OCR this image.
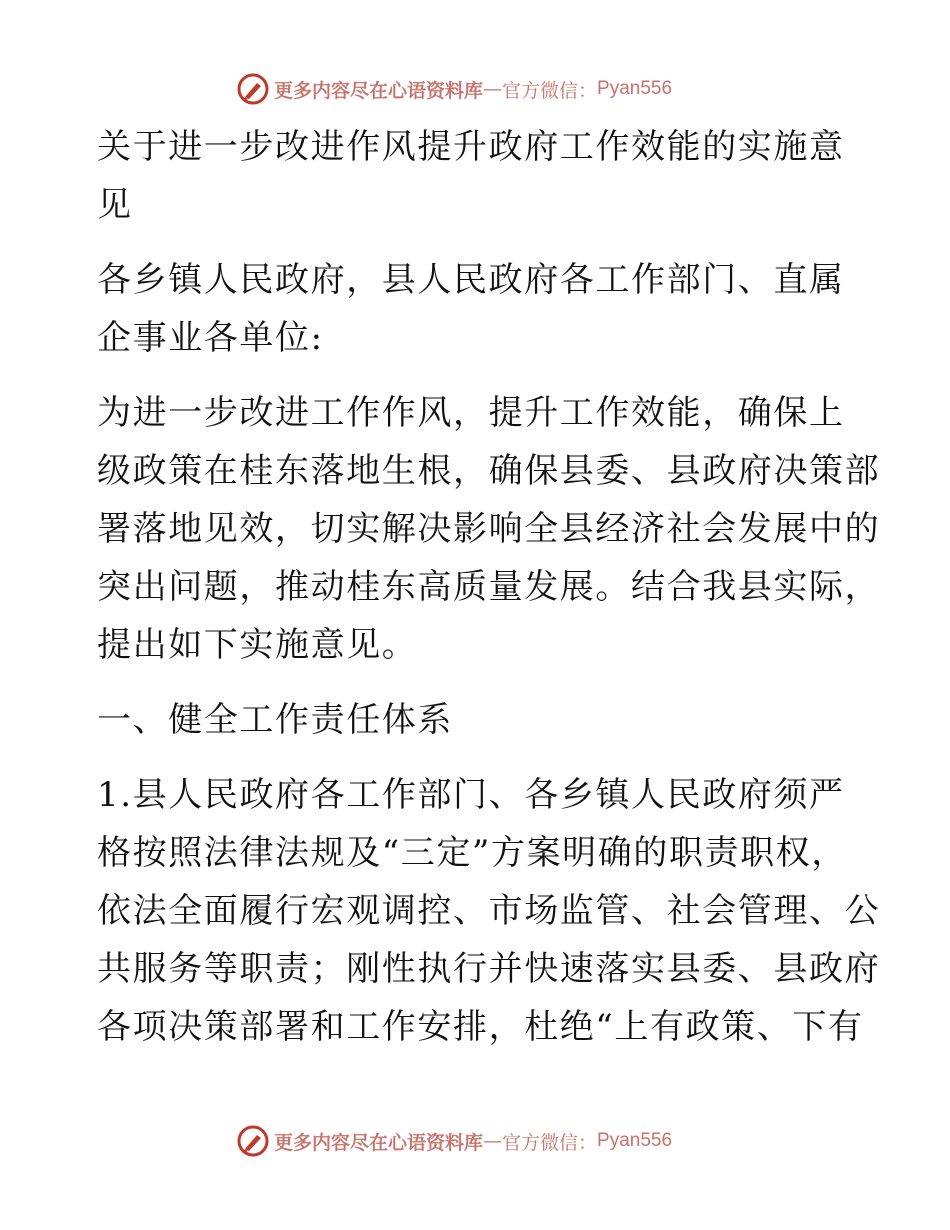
更多内容尽在心语资料库 — 官方微信： Pyan556
关于进一步改进作风提升政府工作效能的实施意
见
各乡镇人民政府，县人民政府各工作部门、直属
企事业各单位:
为进一步改进工作作风，提升工作效能，确保上
级政策在桂东落地生根，确保县委、县政府决策部
署落地见效，切实解决影响全县经济社会发展中的
突出问题，推动桂东高质量发展。结合我县实际，
提出如下实施意见。
一、健全工作责任体系
1.县人民政府各工作部门、各乡镇人民政府须严
格按照法律法规及“三定”方案明确的职责职权，
依法全面履行宏观调控、市场监管、社会管理、公
共服务等职责；刚性执行并快速落实县委、县政府
各项决策部署和工作安排，杜绝“上有政策、下有
更多内容尽在心语资料库 — 官方微信： Pyan556
